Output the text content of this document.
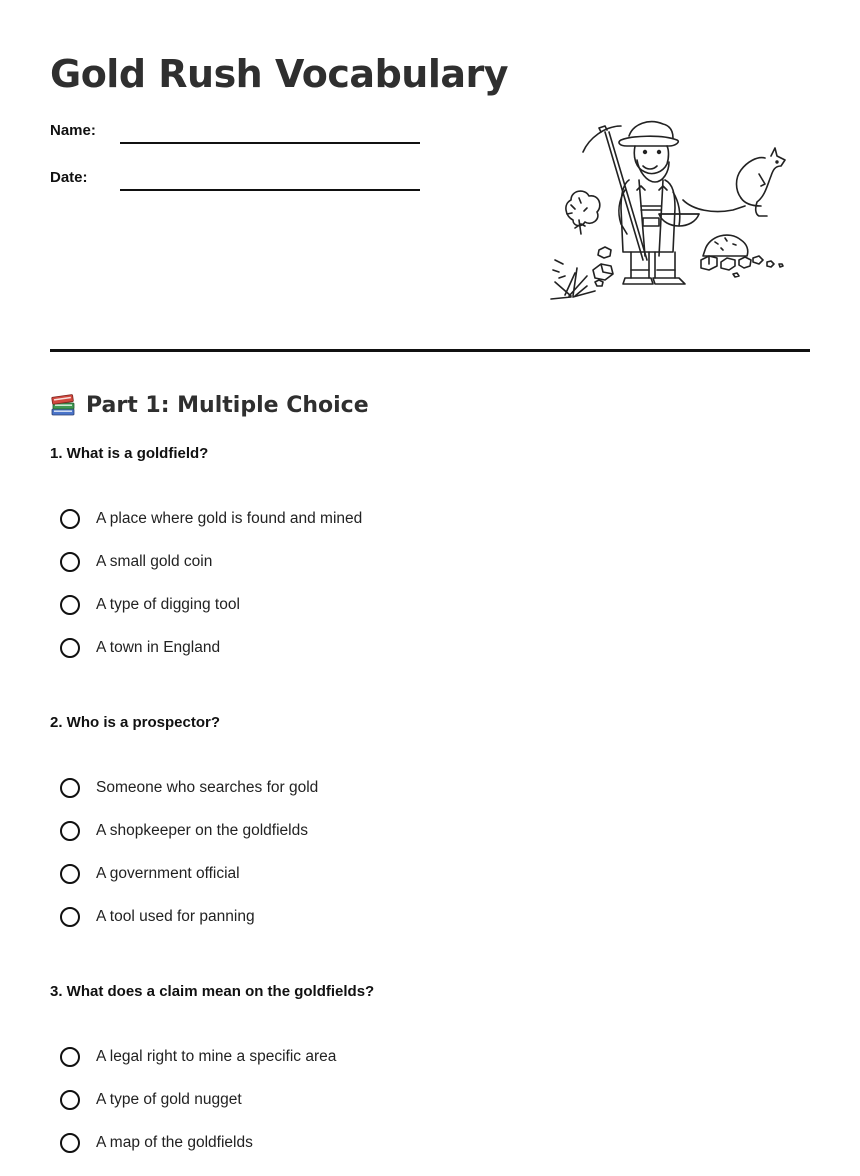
Gold Rush Vocabulary
Name:
Date:
Part 1: Multiple Choice
1. What is a goldfield?
A place where gold is found and mined
A small gold coin
A type of digging tool
A town in England
2. Who is a prospector?
Someone who searches for gold
A shopkeeper on the goldfields
A government official
A tool used for panning
3. What does a claim mean on the goldfields?
A legal right to mine a specific area
A type of gold nugget
A map of the goldfields
